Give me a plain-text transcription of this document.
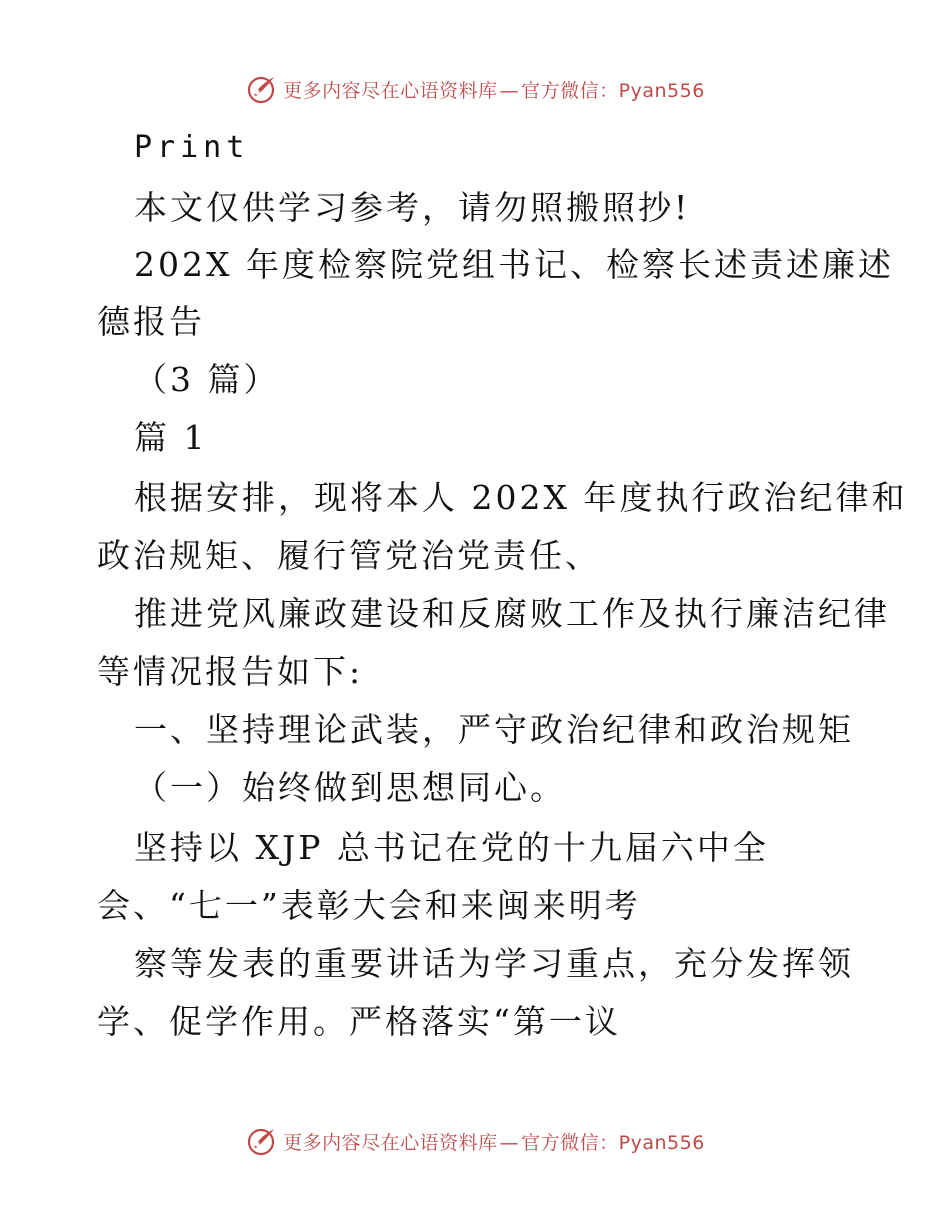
更多内容尽在心语资料库 — 官方微信：Pyan556
Print
本文仅供学习参考，请勿照搬照抄!
202X 年度检察院党组书记、检察长述责述廉述
德报告
（3 篇）
篇 1
根据安排，现将本人 202X 年度执行政治纪律和
政治规矩、履行管党治党责任、
推进党风廉政建设和反腐败工作及执行廉洁纪律
等情况报告如下:
一、坚持理论武装，严守政治纪律和政治规矩
（一）始终做到思想同心。
坚持以 XJP 总书记在党的十九届六中全
会、“七一”表彰大会和来闽来明考
察等发表的重要讲话为学习重点，充分发挥领
学、促学作用。严格落实“第一议
更多内容尽在心语资料库 — 官方微信：Pyan556
